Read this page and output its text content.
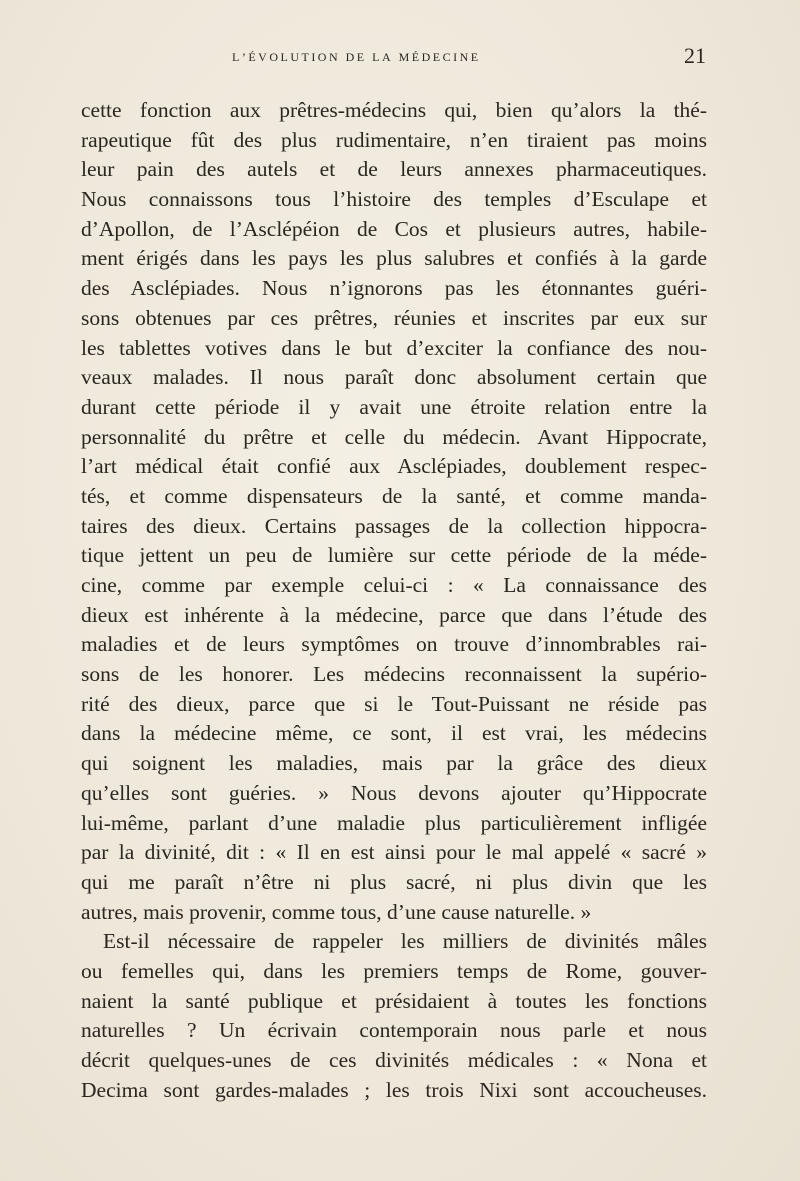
l’évolution de la médecine	21
cette fonction aux prêtres-médecins qui, bien qu’alors la thé-
rapeutique fût des plus rudimentaire, n’en tiraient pas moins
leur pain des autels et de leurs annexes pharmaceutiques.
Nous connaissons tous l’histoire des temples d’Esculape et
d’Apollon, de l’Asclépéion de Cos et plusieurs autres, habile-
ment érigés dans les pays les plus salubres et confiés à la garde
des Asclépiades. Nous n’ignorons pas les étonnantes guéri-
sons obtenues par ces prêtres, réunies et inscrites par eux sur
les tablettes votives dans le but d’exciter la confiance des nou-
veaux malades. Il nous paraît donc absolument certain que
durant cette période il y avait une étroite relation entre la
personnalité du prêtre et celle du médecin. Avant Hippocrate,
l’art médical était confié aux Asclépiades, doublement respec-
tés, et comme dispensateurs de la santé, et comme manda-
taires des dieux. Certains passages de la collection hippocra-
tique jettent un peu de lumière sur cette période de la méde-
cine, comme par exemple celui-ci : « La connaissance des
dieux est inhérente à la médecine, parce que dans l’étude des
maladies et de leurs symptômes on trouve d’innombrables rai-
sons de les honorer. Les médecins reconnaissent la supério-
rité des dieux, parce que si le Tout-Puissant ne réside pas
dans la médecine même, ce sont, il est vrai, les médecins
qui soignent les maladies, mais par la grâce des dieux
qu’elles sont guéries. » Nous devons ajouter qu’Hippocrate
lui-même, parlant d’une maladie plus particulièrement infligée
par la divinité, dit : « Il en est ainsi pour le mal appelé « sacré »
qui me paraît n’être ni plus sacré, ni plus divin que les
autres, mais provenir, comme tous, d’une cause naturelle. »
Est-il nécessaire de rappeler les milliers de divinités mâles
ou femelles qui, dans les premiers temps de Rome, gouver-
naient la santé publique et présidaient à toutes les fonctions
naturelles ? Un écrivain contemporain nous parle et nous
décrit quelques-unes de ces divinités médicales : « Nona et
Decima sont gardes-malades ; les trois Nixi sont accoucheuses.
